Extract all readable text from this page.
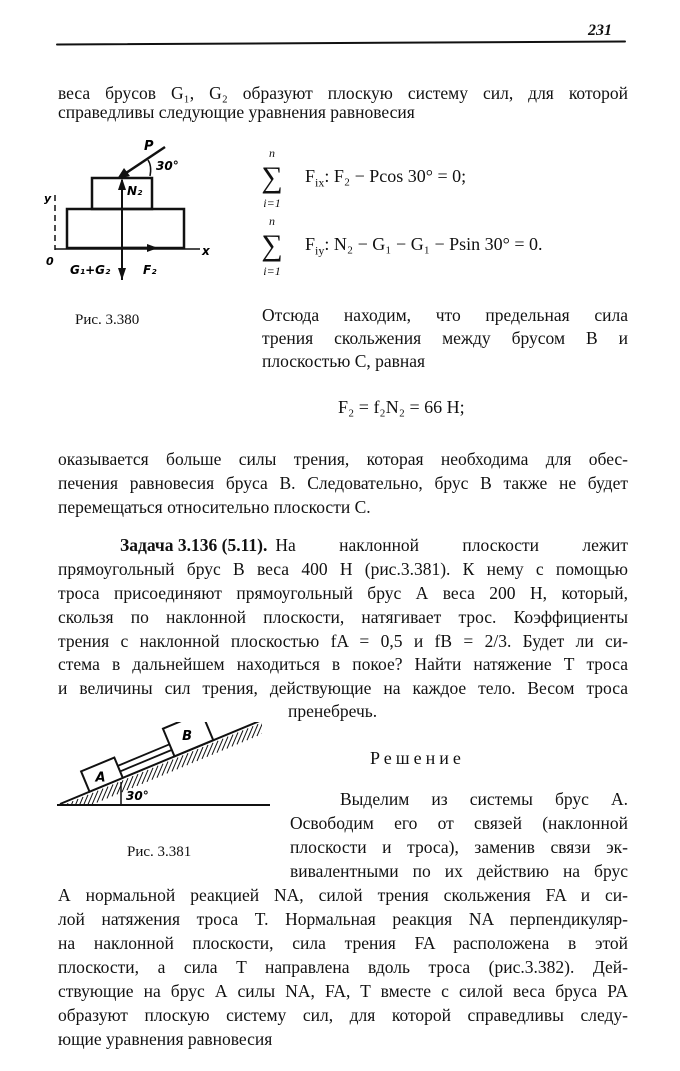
231
веса брусов G₁, G₂ образуют плоскую систему сил, для которой
справедливы следующие уравнения равновесия
P
30°
N₂
G₁+G₂	F₂
x
y
0
Рис. 3.380
n
∑
i=1
$F_{ix}$: F₂ − Pcos 30° = 0;
n
∑
i=1
$F_{iy}$: N₂ − G₁ − G₁ − Psin 30° = 0.
Отсюда находим, что предельная сила
трения скольжения между брусом В и
плоскостью С, равная
F₂ = f₂N₂ = 66 Н;
оказывается больше силы трения, которая необходима для обес-
печения равновесия бруса В. Следовательно, брус В также не будет
перемещаться относительно плоскости С.
Задача 3.136 (5.11). На наклонной плоскости лежит
прямоугольный брус В веса 400 Н (рис.3.381). К нему с помощью
троса присоединяют прямоугольный брус А веса 200 Н, который,
скользя по наклонной плоскости, натягивает трос. Коэффициенты
трения с наклонной плоскостью fA = 0,5 и fB = 2/3. Будет ли си-
стема в дальнейшем находиться в покое? Найти натяжение Т троса
и величины сил трения, действующие на каждое тело. Весом троса
пренебречь.
A
B
30°
Рис. 3.381
Решение
Выделим из системы брус А.
Освободим его от связей (наклонной
плоскости и троса), заменив связи эк-
вивалентными по их действию на брус
А нормальной реакцией NA, силой трения скольжения FA и си-
лой натяжения троса T. Нормальная реакция NA перпендикуляр-
на наклонной плоскости, сила трения FA расположена в этой
плоскости, а сила T направлена вдоль троса (рис.3.382). Дей-
ствующие на брус А силы NA, FA, T вместе с силой веса бруса PA
образуют плоскую систему сил, для которой справедливы следу-
ющие уравнения равновесия
